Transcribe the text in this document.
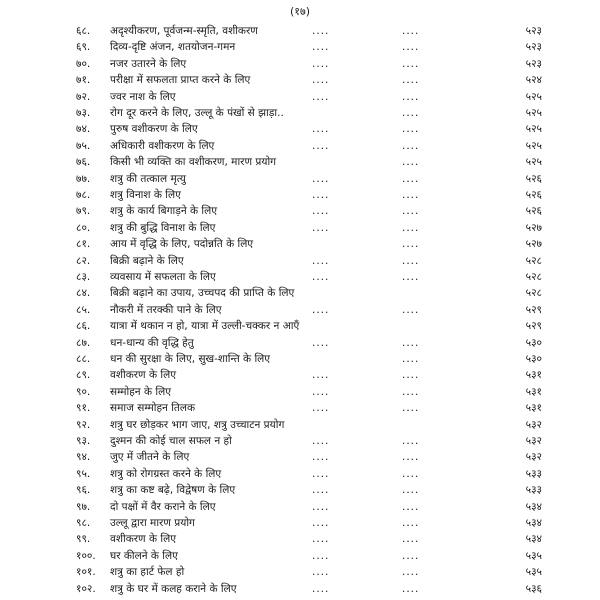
(१७)
६८.	अदृश्यीकरण, पूर्वजन्म-स्मृति, वशीकरण	....	....	५२३
६९.	दिव्य-दृष्टि अंजन, शतयोजन-गमन	....	....	५२३
७०.	नजर उतारने के लिए	....	....	५२३
७१.	परीक्षा में सफलता प्राप्त करने के लिए	....	....	५२४
७२.	ज्वर नाश के लिए	....	....	५२५
७३.	रोग दूर करने के लिए, उल्लू के पंखों से झाड़ा..	....	५२५
७४.	पुरुष वशीकरण के लिए	....	....	५२५
७५.	अधिकारी वशीकरण के लिए	....	....	५२५
७६.	किसी भी व्यक्ति का वशीकरण, मारण प्रयोग	....	५२५
७७.	शत्रु की तत्काल मृत्यु	....	....	५२६
७८.	शत्रु विनाश के लिए	....	....	५२६
७९.	शत्रु के कार्य बिगाड़ने के लिए	....	....	५२६
८०.	शत्रु की बुद्धि विनाश के लिए	....	....	५२७
८१.	आय में वृद्धि के लिए, पदोन्नति के लिए	....	५२७
८२.	बिक्री बढ़ाने के लिए	....	....	५२८
८३.	व्यवसाय में सफलता के लिए	....	....	५२८
८४.	बिक्री बढ़ाने का उपाय, उच्चपद की प्राप्ति के लिए	५२८
८५.	नौकरी में तरक्की पाने के लिए	....	....	५२९
८६.	यात्रा में थकान न हो, यात्रा में उल्ली-चक्कर न आएँ	५२९
८७.	धन-धान्य की वृद्धि हेतु	....	....	५३०
८८.	धन की सुरक्षा के लिए, सुख-शान्ति के लिए	....	५३०
८९.	वशीकरण के लिए	....	....	५३१
९०.	सम्मोहन के लिए	....	....	५३१
९१.	समाज सम्मोहन तिलक	....	....	५३१
९२.	शत्रु घर छोड़कर भाग जाए, शत्रु उच्चाटन प्रयोग	५३२
९३.	दुश्मन की कोई चाल सफल न हो	....	....	५३२
९४.	जुए में जीतने के लिए	....	....	५३२
९५.	शत्रु को रोगग्रस्त करने के लिए	....	....	५३३
९६.	शत्रु का कष्ट बढ़े, विद्वेषण के लिए	....	....	५३३
९७.	दो पक्षों में वैर कराने के लिए	....	....	५३४
९८.	उल्लू द्वारा मारण प्रयोग	....	....	५३४
९९.	वशीकरण के लिए	....	....	५३४
१००.	घर कीलने के लिए	....	....	५३५
१०१.	शत्रु का हार्ट फेल हो	....	....	५३५
१०२.	शत्रु के घर में कलह कराने के लिए	....	....	५३६
